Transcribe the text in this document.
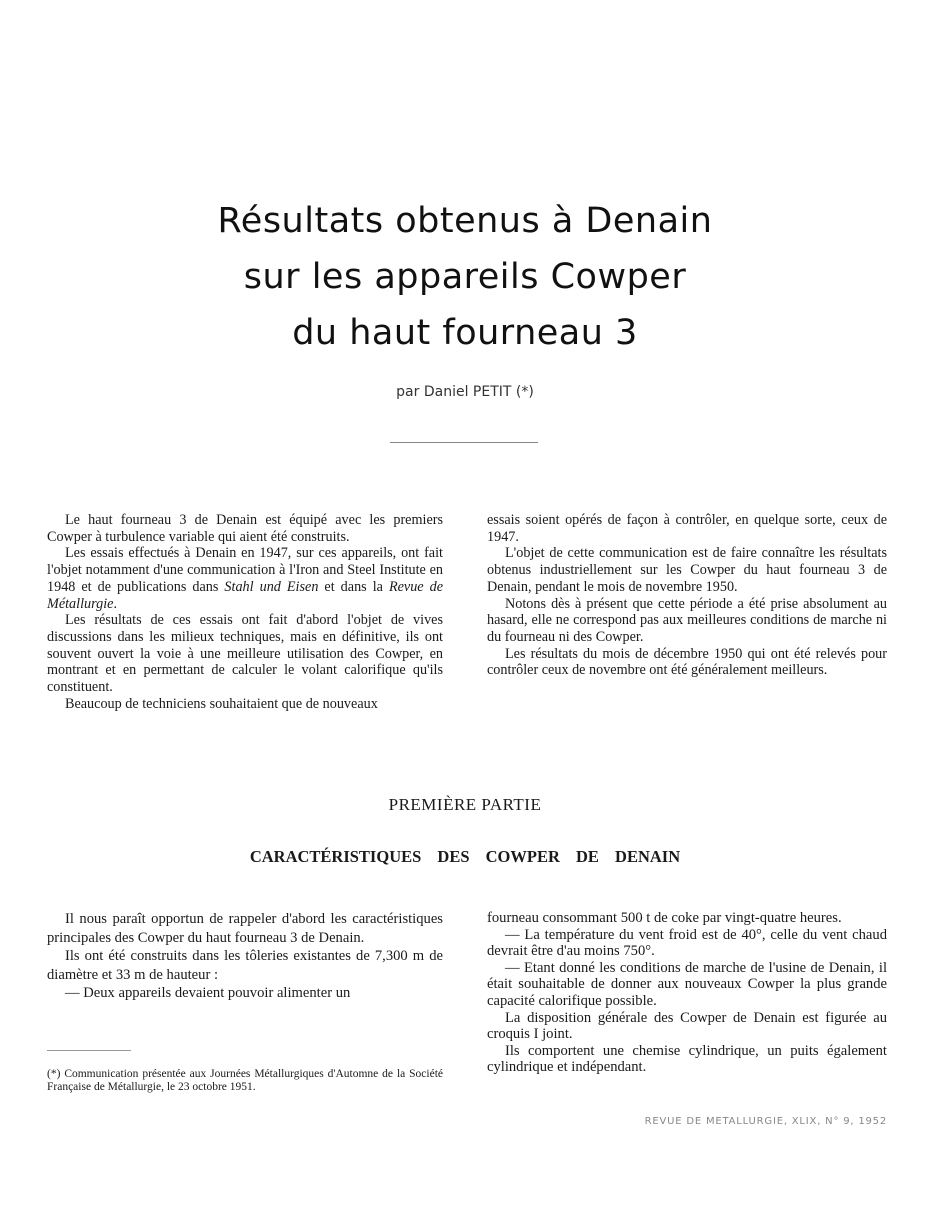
Résultats obtenus à Denain
sur les appareils Cowper
du haut fourneau 3
par Daniel PETIT (*)

Le haut fourneau 3 de Denain est équipé avec les premiers Cowper à turbulence variable qui aient été construits.

Les essais effectués à Denain en 1947, sur ces appareils, ont fait l'objet notamment d'une communication à l'Iron and Steel Institute en 1948 et de publications dans Stahl und Eisen et dans la Revue de Métallurgie.

Les résultats de ces essais ont fait d'abord l'objet de vives discussions dans les milieux techniques, mais en définitive, ils ont souvent ouvert la voie à une meilleure utilisation des Cowper, en montrant et en permettant de calculer le volant calorifique qu'ils constituent.

Beaucoup de techniciens souhaitaient que de nouveaux

essais soient opérés de façon à contrôler, en quelque sorte, ceux de 1947.

L'objet de cette communication est de faire connaître les résultats obtenus industriellement sur les Cowper du haut fourneau 3 de Denain, pendant le mois de novembre 1950.

Notons dès à présent que cette période a été prise absolument au hasard, elle ne correspond pas aux meilleures conditions de marche ni du fourneau ni des Cowper.

Les résultats du mois de décembre 1950 qui ont été relevés pour contrôler ceux de novembre ont été généralement meilleurs.

PREMIÈRE PARTIE
CARACTÉRISTIQUES DES COWPER DE DENAIN

Il nous paraît opportun de rappeler d'abord les caractéristiques principales des Cowper du haut fourneau 3 de Denain.

Ils ont été construits dans les tôleries existantes de 7,300 m de diamètre et 33 m de hauteur :

— Deux appareils devaient pouvoir alimenter un

(*) Communication présentée aux Journées Métallurgiques d'Automne de la Société Française de Métallurgie, le 23 octobre 1951.

fourneau consommant 500 t de coke par vingt-quatre heures.

— La température du vent froid est de 40°, celle du vent chaud devrait être d'au moins 750°.

— Etant donné les conditions de marche de l'usine de Denain, il était souhaitable de donner aux nouveaux Cowper la plus grande capacité calorifique possible.

La disposition générale des Cowper de Denain est figurée au croquis I joint.

Ils comportent une chemise cylindrique, un puits également cylindrique et indépendant.

REVUE DE METALLURGIE, XLIX, N° 9, 1952
